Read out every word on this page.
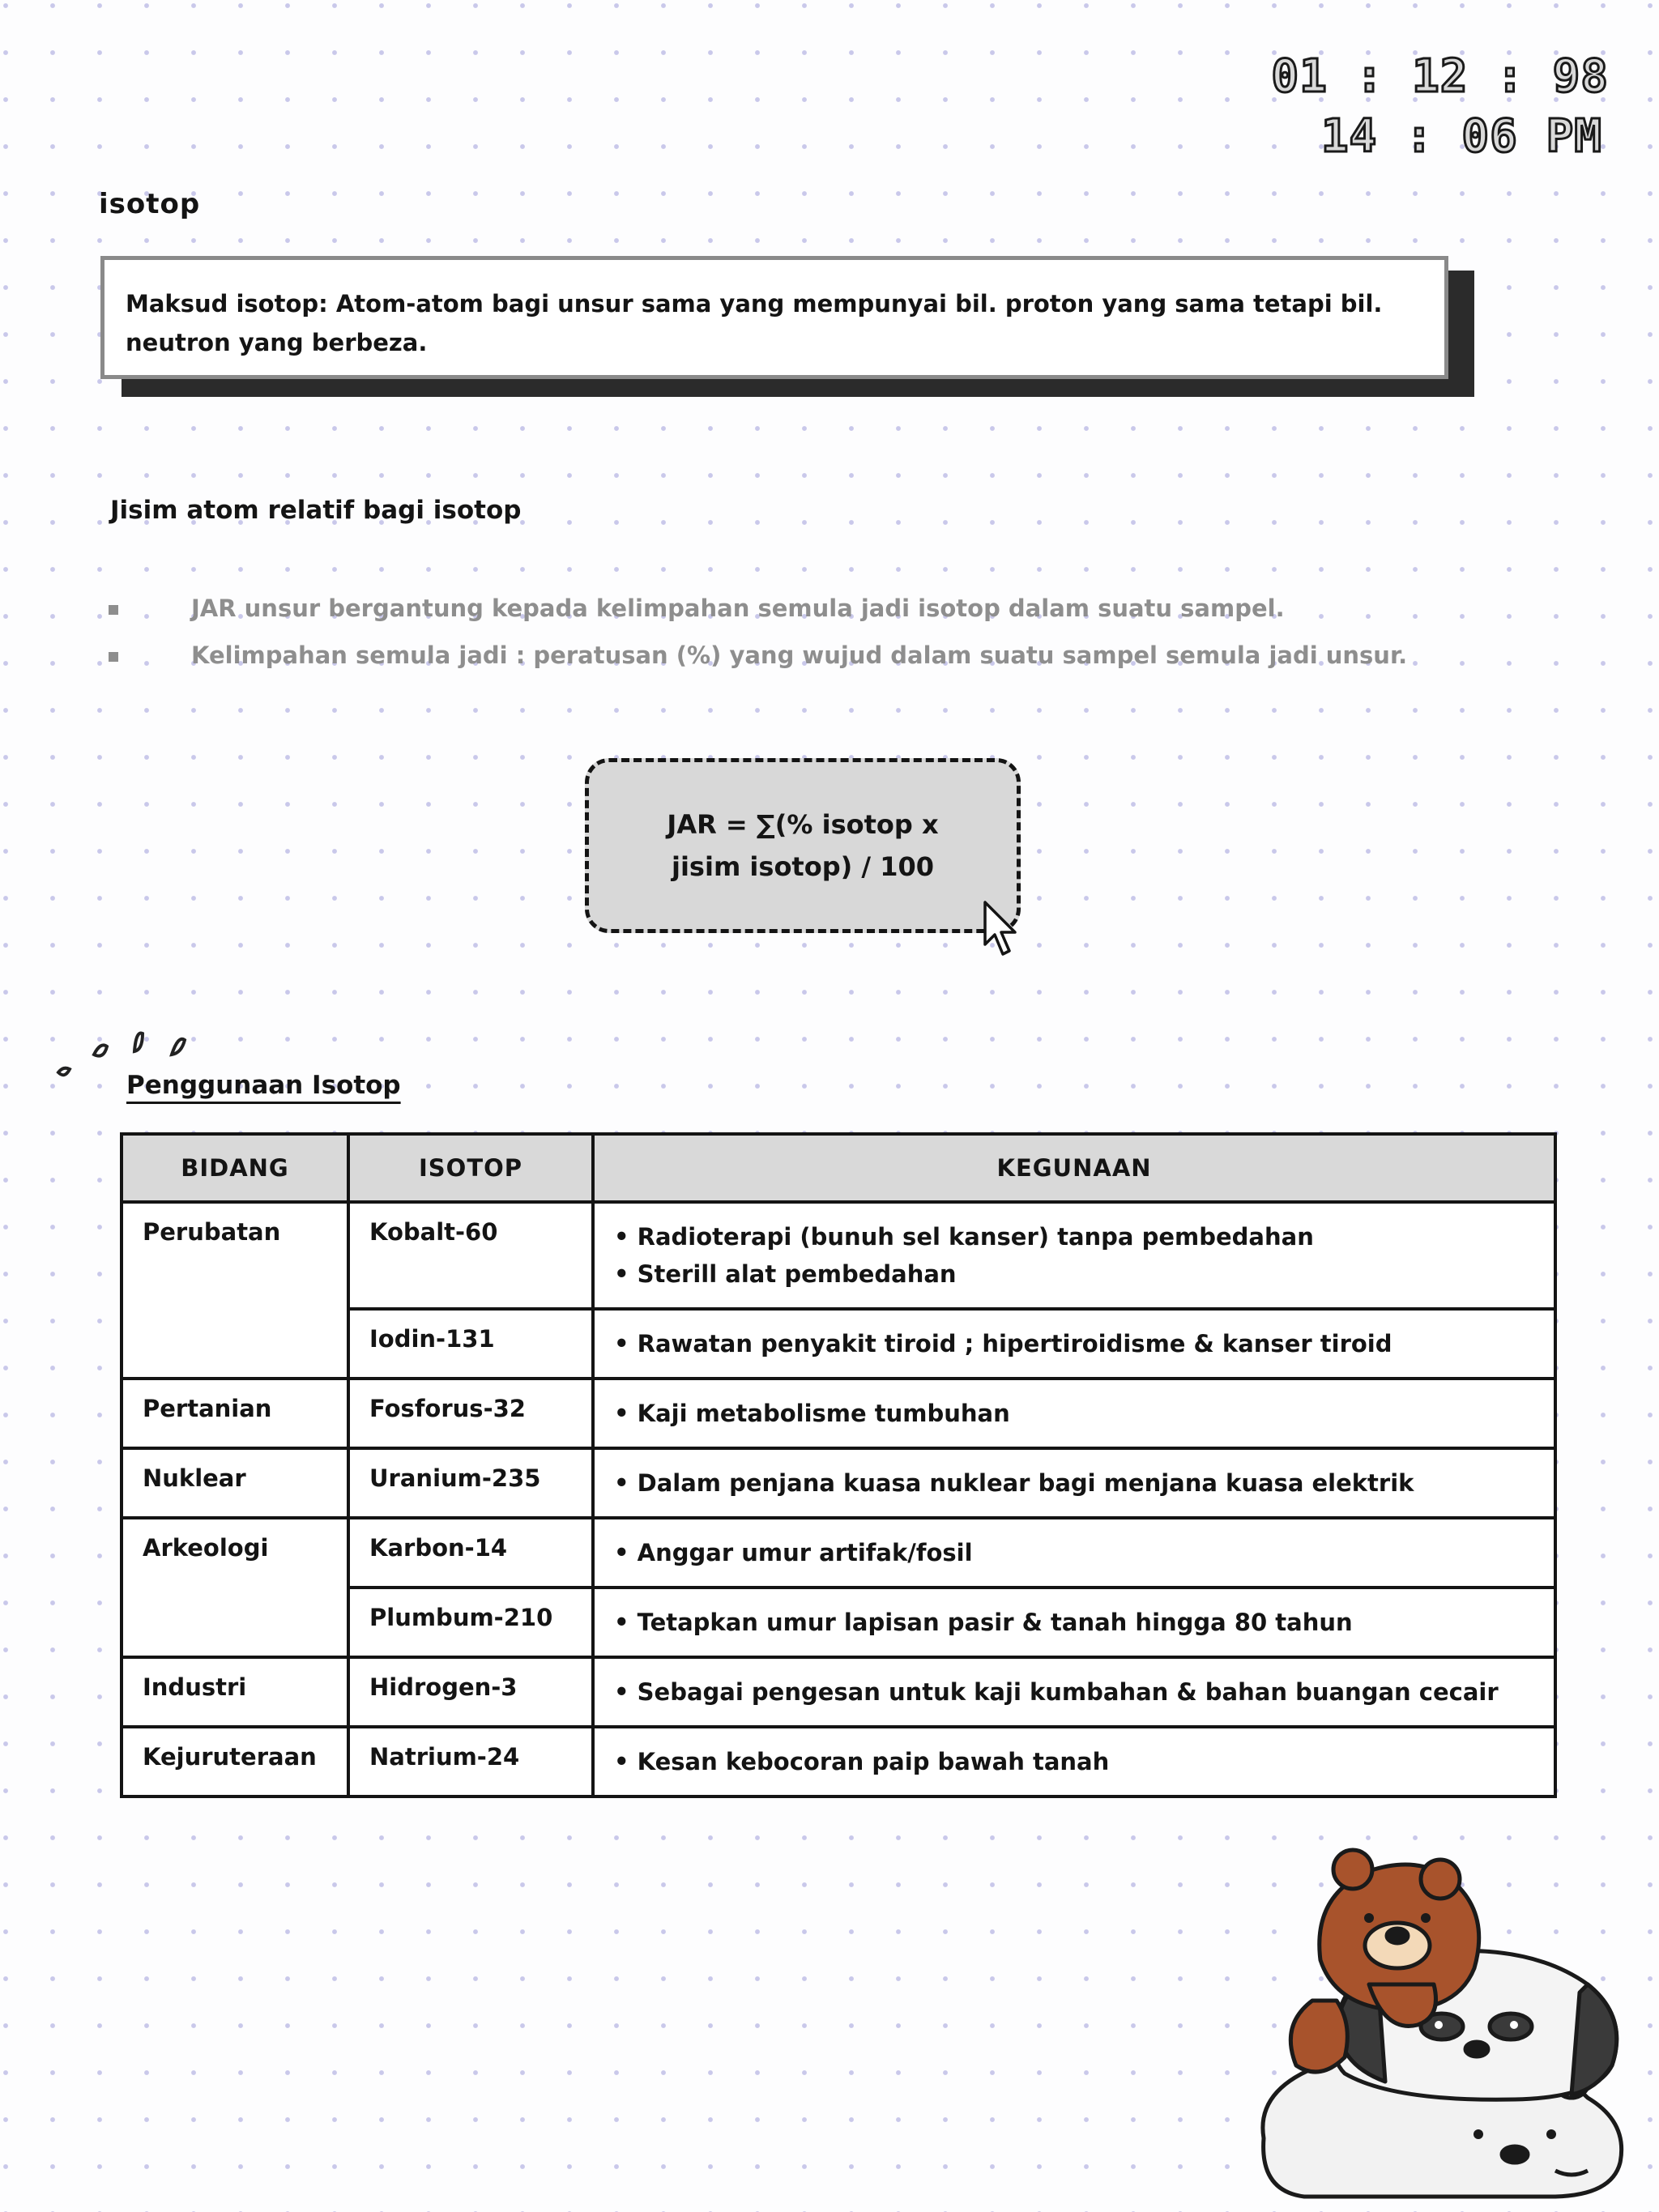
01 : 12 : 98
14 : 06 PM
isotop
Maksud isotop: Atom-atom bagi unsur sama yang mempunyai bil. proton yang sama tetapi bil. neutron yang berbeza.
Jisim atom relatif bagi isotop
JAR unsur bergantung kepada kelimpahan semula jadi isotop dalam suatu sampel.
Kelimpahan semula jadi : peratusan (%) yang wujud dalam suatu sampel semula jadi unsur.
JAR = ∑(% isotop x jisim isotop) / 100
Penggunaan Isotop
BIDANG	ISOTOP	KEGUNAAN
Perubatan	Kobalt-60	• Radioterapi (bunuh sel kanser) tanpa pembedahan
• Sterill alat pembedahan

	Iodin-131	• Rawatan penyakit tiroid ; hipertiroidisme & kanser tiroid

Pertanian	Fosforus-32	• Kaji metabolisme tumbuhan

Nuklear	Uranium-235	• Dalam penjana kuasa nuklear bagi menjana kuasa elektrik

Arkeologi	Karbon-14	• Anggar umur artifak/fosil

	Plumbum-210	• Tetapkan umur lapisan pasir & tanah hingga 80 tahun

Industri	Hidrogen-3	• Sebagai pengesan untuk kaji kumbahan & bahan buangan cecair

Kejuruteraan	Natrium-24	• Kesan kebocoran paip bawah tanah
